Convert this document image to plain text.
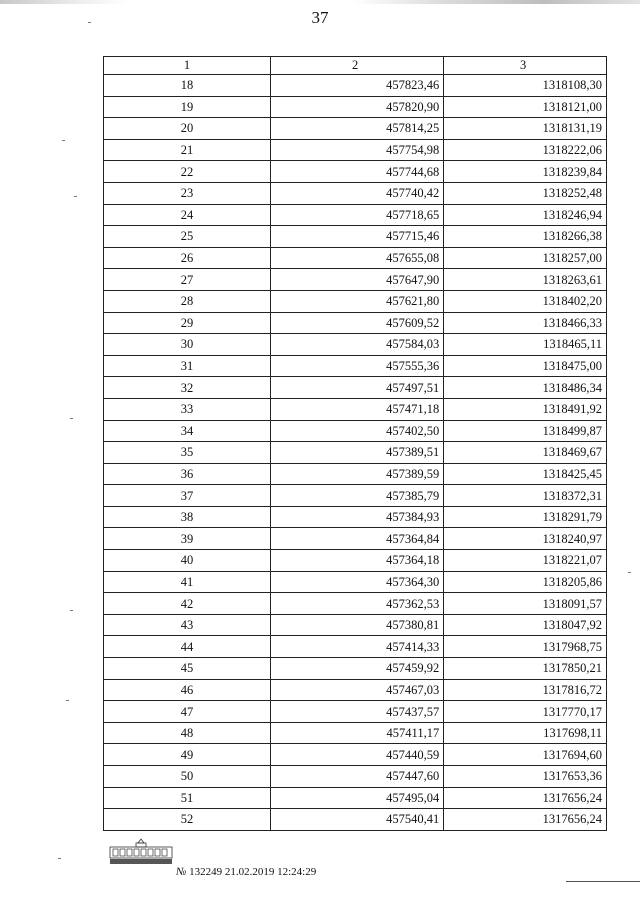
37
1	2	3
18	457823,46	1318108,30
19	457820,90	1318121,00
20	457814,25	1318131,19
21	457754,98	1318222,06
22	457744,68	1318239,84
23	457740,42	1318252,48
24	457718,65	1318246,94
25	457715,46	1318266,38
26	457655,08	1318257,00
27	457647,90	1318263,61
28	457621,80	1318402,20
29	457609,52	1318466,33
30	457584,03	1318465,11
31	457555,36	1318475,00
32	457497,51	1318486,34
33	457471,18	1318491,92
34	457402,50	1318499,87
35	457389,51	1318469,67
36	457389,59	1318425,45
37	457385,79	1318372,31
38	457384,93	1318291,79
39	457364,84	1318240,97
40	457364,18	1318221,07
41	457364,30	1318205,86
42	457362,53	1318091,57
43	457380,81	1318047,92
44	457414,33	1317968,75
45	457459,92	1317850,21
46	457467,03	1317816,72
47	457437,57	1317770,17
48	457411,17	1317698,11
49	457440,59	1317694,60
50	457447,60	1317653,36
51	457495,04	1317656,24
52	457540,41	1317656,24
№ 132249 21.02.2019 12:24:29
